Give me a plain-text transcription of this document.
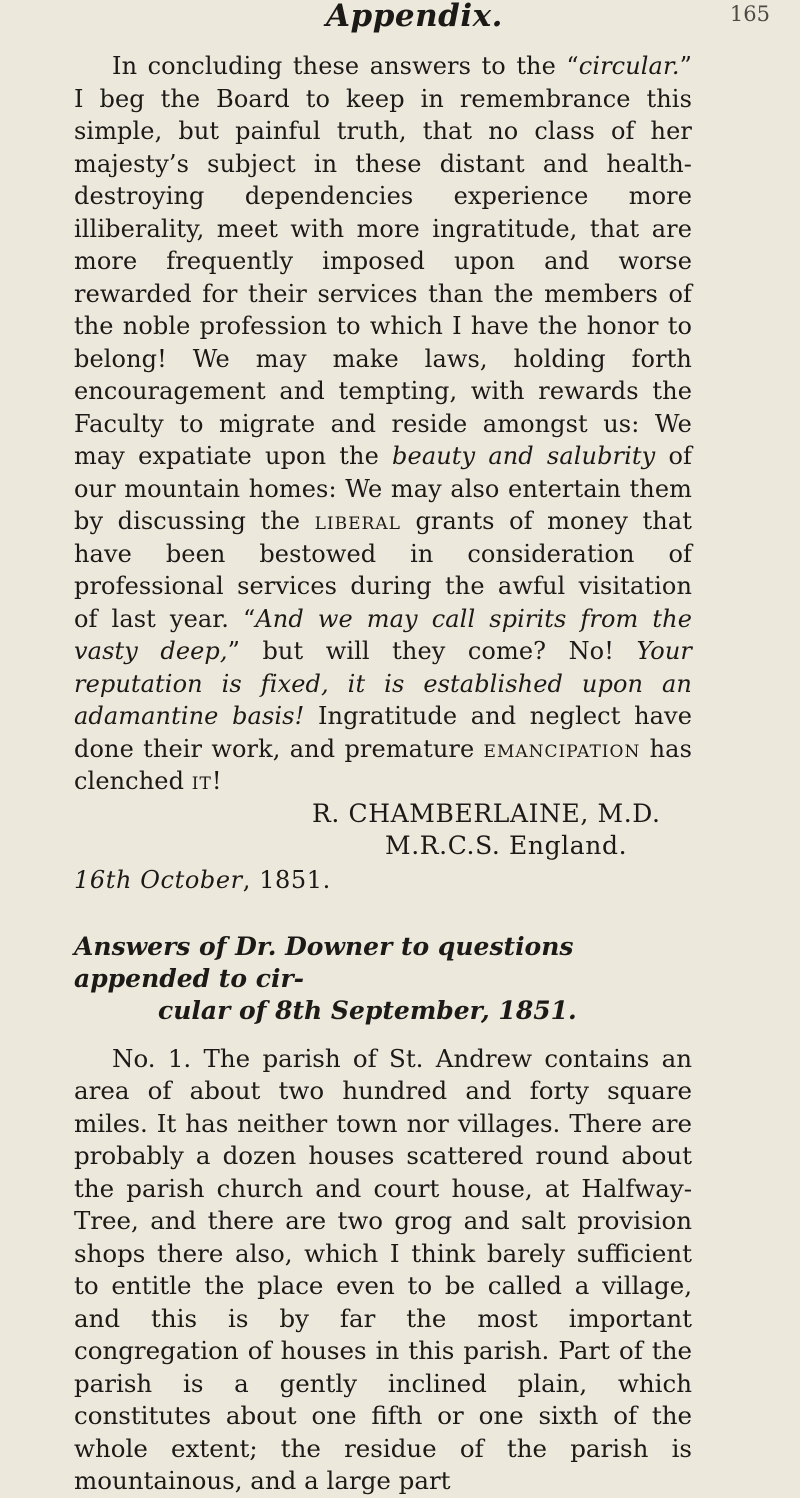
Appendix.	165

In concluding these answers to the “circular.” I beg the Board to keep in remembrance this simple, but painful truth, that no class of her majesty’s subject in these distant and health-destroying dependencies experience more illiberality, meet with more ingratitude, that are more frequently imposed upon and worse rewarded for their services than the members of the noble profession to which I have the honor to belong! We may make laws, holding forth encouragement and tempting, with rewards the Faculty to migrate and reside amongst us: We may expatiate upon the beauty and salubrity of our mountain homes: We may also entertain them by discussing the liberal grants of money that have been bestowed in consideration of professional services during the awful visitation of last year. “And we may call spirits from the vasty deep,” but will they come? No! Your reputation is fixed, it is established upon an adamantine basis! Ingratitude and neglect have done their work, and premature emancipation has clenched it!

R. CHAMBERLAINE, M.D.
M.R.C.S. England.
16th October, 1851.
Answers of Dr. Downer to questions appended to cir-
cular of 8th September, 1851.

No. 1. The parish of St. Andrew contains an area of about two hundred and forty square miles. It has neither town nor villages. There are probably a dozen houses scattered round about the parish church and court house, at Halfway-Tree, and there are two grog and salt provision shops there also, which I think barely sufficient to entitle the place even to be called a village, and this is by far the most important congregation of houses in this parish. Part of the parish is a gently inclined plain, which constitutes about one fifth or one sixth of the whole extent; the residue of the parish is mountainous, and a large part
